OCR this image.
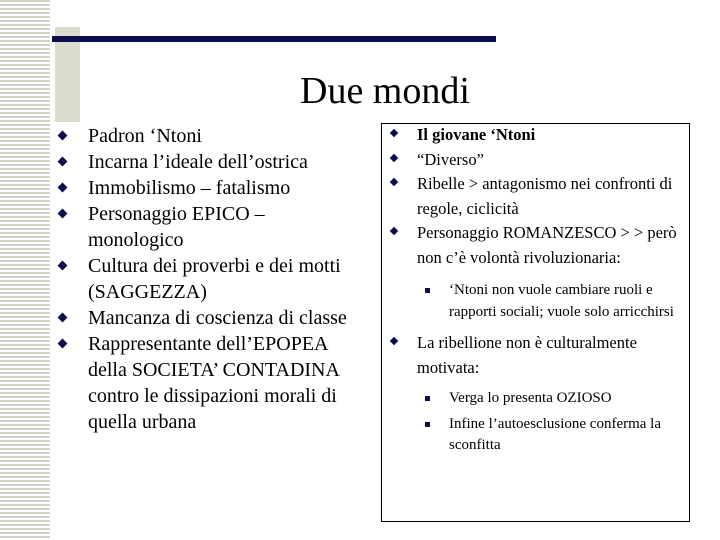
Due mondi
Padron ‘Ntoni
Incarna l’ideale dell’ostrica
Immobilismo – fatalismo
Personaggio EPICO – monologico
Cultura dei proverbi e dei motti (SAGGEZZA)
Mancanza di coscienza di classe
Rappresentante dell’EPOPEA della SOCIETA’ CONTADINA contro le dissipazioni morali di quella urbana
Il giovane ‘Ntoni
“Diverso”
Ribelle > antagonismo nei confronti di regole, ciclicità
Personaggio ROMANZESCO > > però non c’è volontà rivoluzionaria:
‘Ntoni non vuole cambiare ruoli e rapporti sociali; vuole solo arricchirsi
La ribellione non è culturalmente motivata:
Verga lo presenta OZIOSO
Infine l’autoesclusione conferma la sconfitta
